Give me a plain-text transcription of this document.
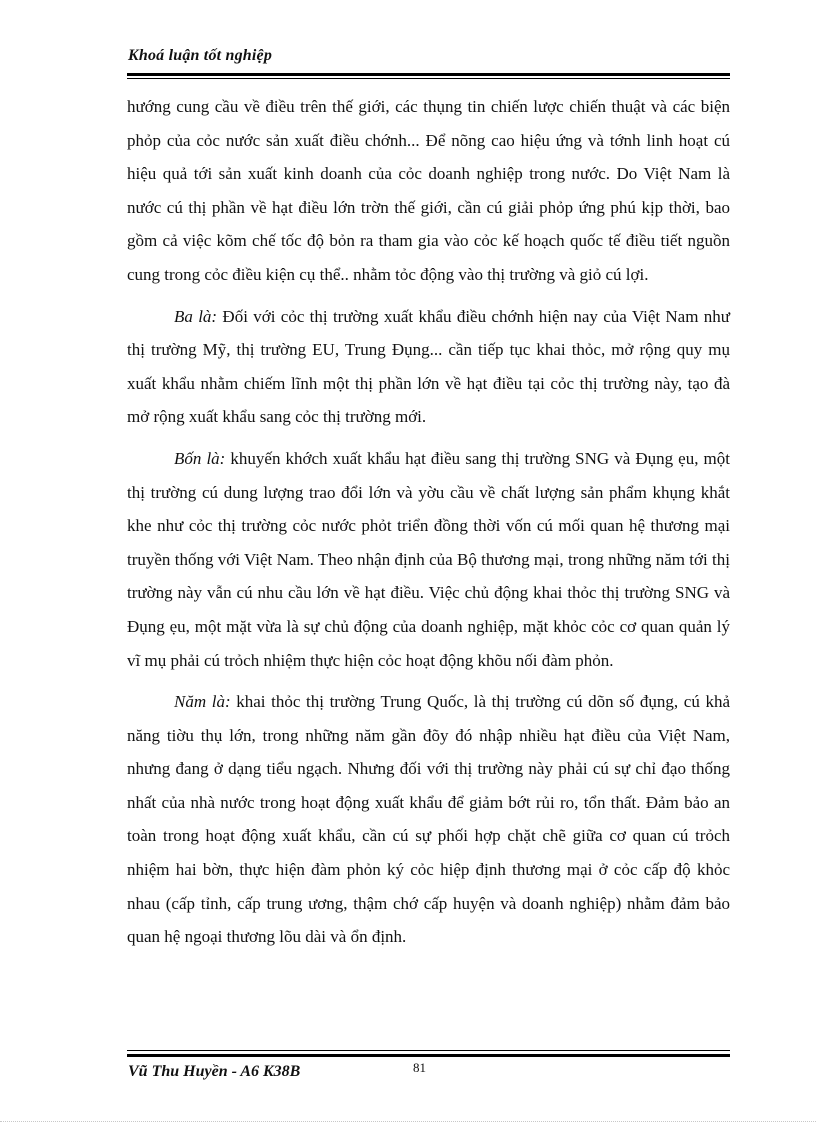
Khoá luận tốt nghiệp

hướng cung cầu về điều trên thế giới, các thụng tin chiến lược chiến thuật và các biện phỏp của cỏc nước sản xuất điều chớnh... Để nõng cao hiệu ứng và tớnh linh hoạt cú hiệu quả tới sản xuất kinh doanh của cỏc doanh nghiệp trong nước. Do Việt Nam là nước cú thị phần về hạt điều lớn trờn thế giới, cần cú giải phỏp ứng phú kịp thời, bao gồm cả việc kõm chế tốc độ bỏn ra tham gia vào cỏc kế hoạch quốc tế điều tiết nguồn cung trong cỏc điều kiện cụ thể.. nhằm tỏc động vào thị trường và giỏ cú lợi.

Ba là: Đối với cỏc thị trường xuất khẩu điều chớnh hiện nay của Việt Nam như thị trường Mỹ, thị trường EU, Trung Đụng... cần tiếp tục khai thỏc, mở rộng quy mụ xuất khẩu nhằm chiếm lĩnh một thị phần lớn về hạt điều tại cỏc thị trường này, tạo đà mở rộng xuất khẩu sang cỏc thị trường mới.

Bốn là: khuyến khớch xuất khẩu hạt điều sang thị trường SNG và Đụng ẹu, một thị trường cú dung lượng trao đổi lớn và yờu cầu về chất lượng sản phẩm khụng khắt khe như cỏc thị trường cỏc nước phỏt triển đồng thời vốn cú mối quan hệ thương mại truyền thống với Việt Nam. Theo nhận định của Bộ thương mại, trong những năm tới thị trường này vẫn cú nhu cầu lớn về hạt điều. Việc chủ động khai thỏc thị trường SNG và Đụng ẹu, một mặt vừa là sự chủ động của doanh nghiệp, mặt khỏc cỏc cơ quan quản lý vĩ mụ phải cú trỏch nhiệm thực hiện cỏc hoạt động khõu nối đàm phỏn.

Năm là: khai thỏc thị trường Trung Quốc, là thị trường cú dõn số đụng, cú khả năng tiờu thụ lớn, trong những năm gần đõy đó nhập nhiều hạt điều của Việt Nam, nhưng đang ở dạng tiểu ngạch. Nhưng đối với thị trường này phải cú sự chỉ đạo thống nhất của nhà nước trong hoạt động xuất khẩu để giảm bớt rủi ro, tổn thất. Đảm bảo an toàn trong hoạt động xuất khẩu, cần cú sự phối hợp chặt chẽ giữa cơ quan cú trỏch nhiệm hai bờn, thực hiện đàm phỏn ký cỏc hiệp định thương mại ở cỏc cấp độ khỏc nhau (cấp tỉnh, cấp trung ương, thậm chớ cấp huyện và doanh nghiệp) nhằm đảm bảo quan hệ ngoại thương lõu dài và ổn định.

Vũ Thu Huyền - A6 K38B	81
